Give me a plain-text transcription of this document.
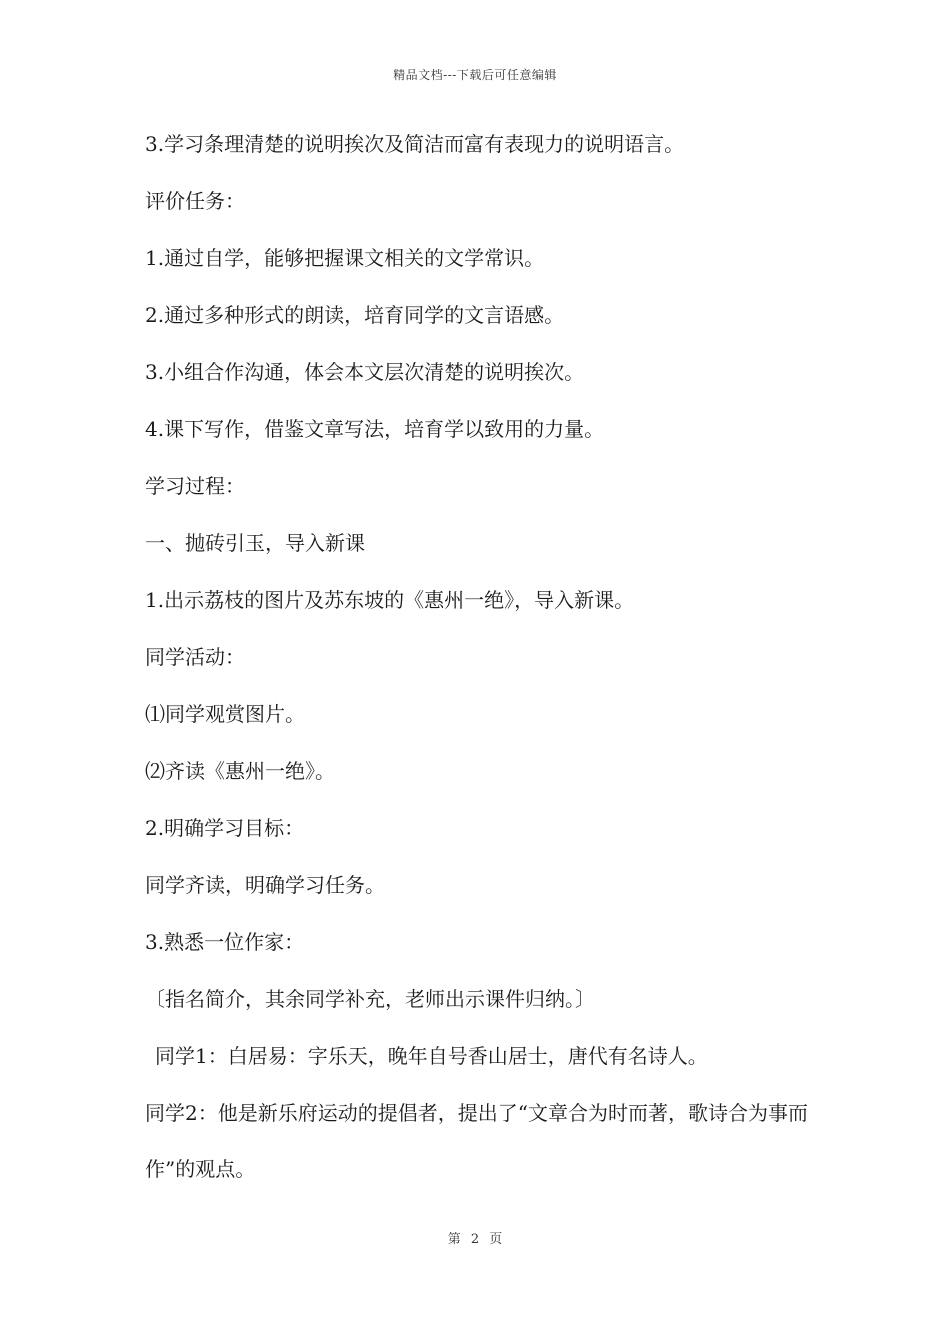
精品文档---下载后可任意编辑

3.学习条理清楚的说明挨次及简洁而富有表现力的说明语言。

评价任务：

1.通过自学，能够把握课文相关的文学常识。

2.通过多种形式的朗读，培育同学的文言语感。

3.小组合作沟通，体会本文层次清楚的说明挨次。

4.课下写作，借鉴文章写法，培育学以致用的力量。

学习过程：

一、抛砖引玉，导入新课

1.出示荔枝的图片及苏东坡的《惠州一绝》，导入新课。

同学活动：

⑴同学观赏图片。

⑵齐读《惠州一绝》。

2.明确学习目标：

同学齐读，明确学习任务。

3.熟悉一位作家：

〔指名简介，其余同学补充，老师出示课件归纳。〕

同学1：白居易：字乐天，晚年自号香山居士，唐代有名诗人。

同学2：他是新乐府运动的提倡者，提出了“文章合为时而著，歌诗合为事而作”的观点。

第 2 页
